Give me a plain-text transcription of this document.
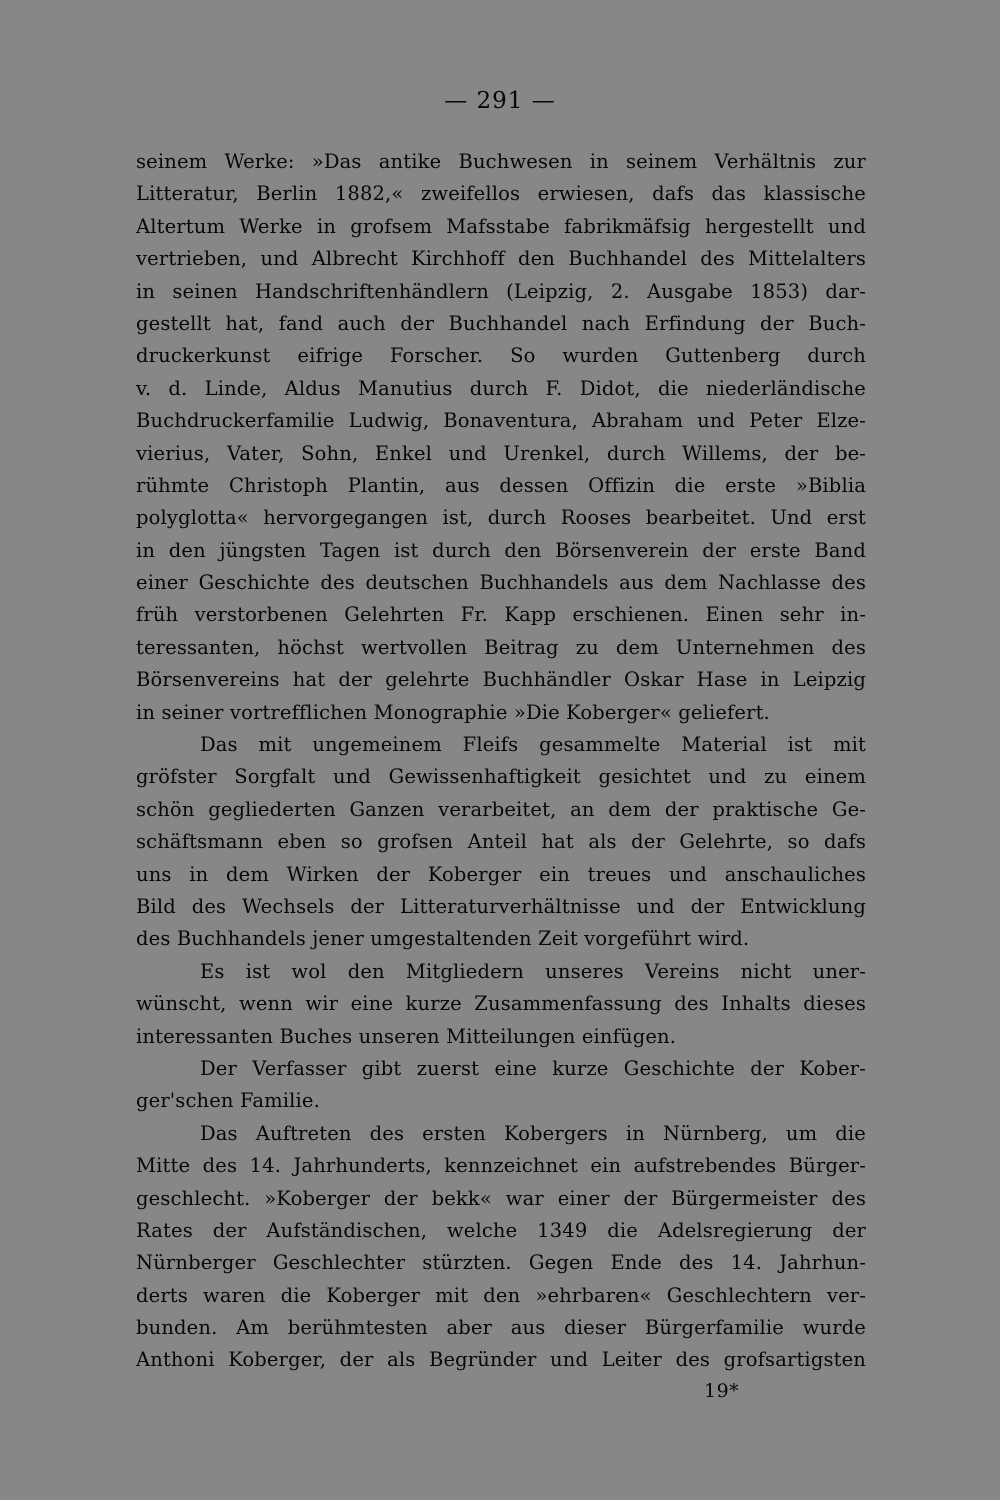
— 291 —
seinem Werke: »Das antike Buchwesen in seinem Verhältnis zur
Litteratur, Berlin 1882,« zweifellos erwiesen, dafs das klassische
Altertum Werke in grofsem Mafsstabe fabrikmäfsig hergestellt und
vertrieben, und Albrecht Kirchhoff den Buchhandel des Mittelalters
in seinen Handschriftenhändlern (Leipzig, 2. Ausgabe 1853) dar-
gestellt hat, fand auch der Buchhandel nach Erfindung der Buch-
druckerkunst eifrige Forscher. So wurden Guttenberg durch
v. d. Linde, Aldus Manutius durch F. Didot, die niederländische
Buchdruckerfamilie Ludwig, Bonaventura, Abraham und Peter Elze-
vierius, Vater, Sohn, Enkel und Urenkel, durch Willems, der be-
rühmte Christoph Plantin, aus dessen Offizin die erste »Biblia
polyglotta« hervorgegangen ist, durch Rooses bearbeitet. Und erst
in den jüngsten Tagen ist durch den Börsenverein der erste Band
einer Geschichte des deutschen Buchhandels aus dem Nachlasse des
früh verstorbenen Gelehrten Fr. Kapp erschienen. Einen sehr in-
teressanten, höchst wertvollen Beitrag zu dem Unternehmen des
Börsenvereins hat der gelehrte Buchhändler Oskar Hase in Leipzig
in seiner vortrefflichen Monographie »Die Koberger« geliefert.
Das mit ungemeinem Fleifs gesammelte Material ist mit
gröfster Sorgfalt und Gewissenhaftigkeit gesichtet und zu einem
schön gegliederten Ganzen verarbeitet, an dem der praktische Ge-
schäftsmann eben so grofsen Anteil hat als der Gelehrte, so dafs
uns in dem Wirken der Koberger ein treues und anschauliches
Bild des Wechsels der Litteraturverhältnisse und der Entwicklung
des Buchhandels jener umgestaltenden Zeit vorgeführt wird.
Es ist wol den Mitgliedern unseres Vereins nicht uner-
wünscht, wenn wir eine kurze Zusammenfassung des Inhalts dieses
interessanten Buches unseren Mitteilungen einfügen.
Der Verfasser gibt zuerst eine kurze Geschichte der Kober-
ger'schen Familie.
Das Auftreten des ersten Kobergers in Nürnberg, um die
Mitte des 14. Jahrhunderts, kennzeichnet ein aufstrebendes Bürger-
geschlecht. »Koberger der bekk« war einer der Bürgermeister des
Rates der Aufständischen, welche 1349 die Adelsregierung der
Nürnberger Geschlechter stürzten. Gegen Ende des 14. Jahrhun-
derts waren die Koberger mit den »ehrbaren« Geschlechtern ver-
bunden. Am berühmtesten aber aus dieser Bürgerfamilie wurde
Anthoni Koberger, der als Begründer und Leiter des grofsartigsten
19*
